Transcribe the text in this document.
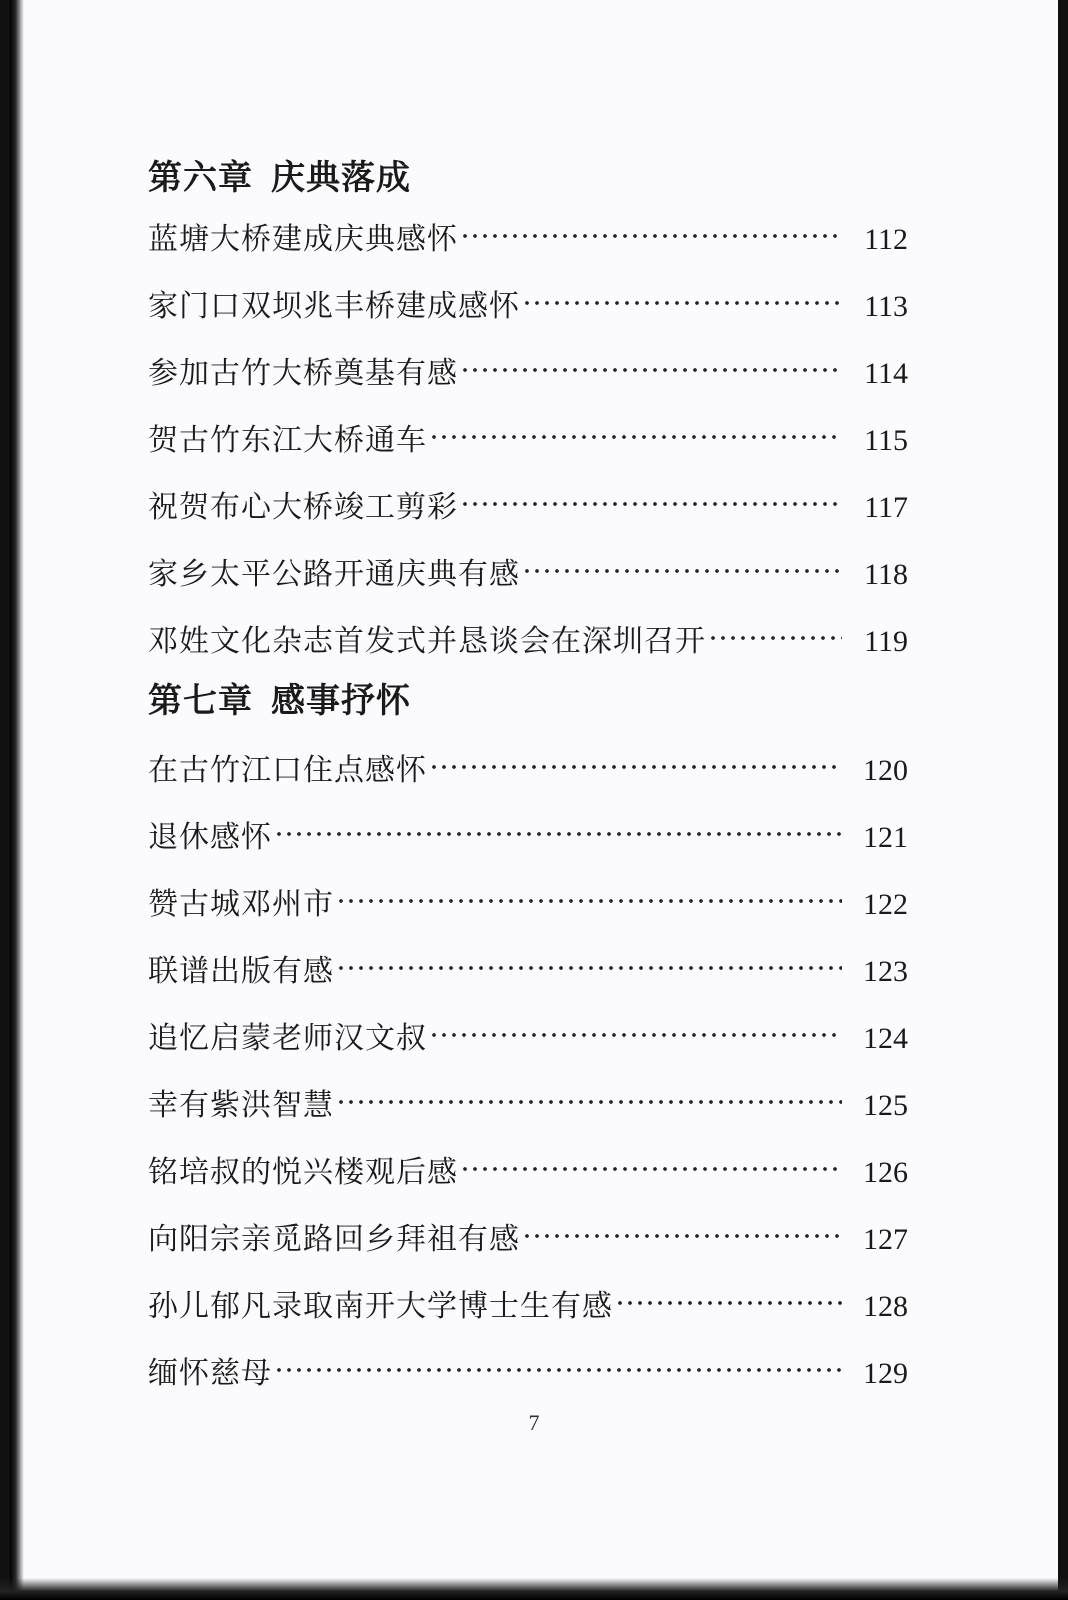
第六章 庆典落成
蓝塘大桥建成庆典感怀	112
家门口双坝兆丰桥建成感怀	113
参加古竹大桥奠基有感	114
贺古竹东江大桥通车	115
祝贺布心大桥竣工剪彩	117
家乡太平公路开通庆典有感	118
邓姓文化杂志首发式并恳谈会在深圳召开	119
第七章 感事抒怀
在古竹江口住点感怀	120
退休感怀	121
赞古城邓州市	122
联谱出版有感	123
追忆启蒙老师汉文叔	124
幸有紫洪智慧	125
铭培叔的悦兴楼观后感	126
向阳宗亲觅路回乡拜祖有感	127
孙儿郁凡录取南开大学博士生有感	128
缅怀慈母	129
7
